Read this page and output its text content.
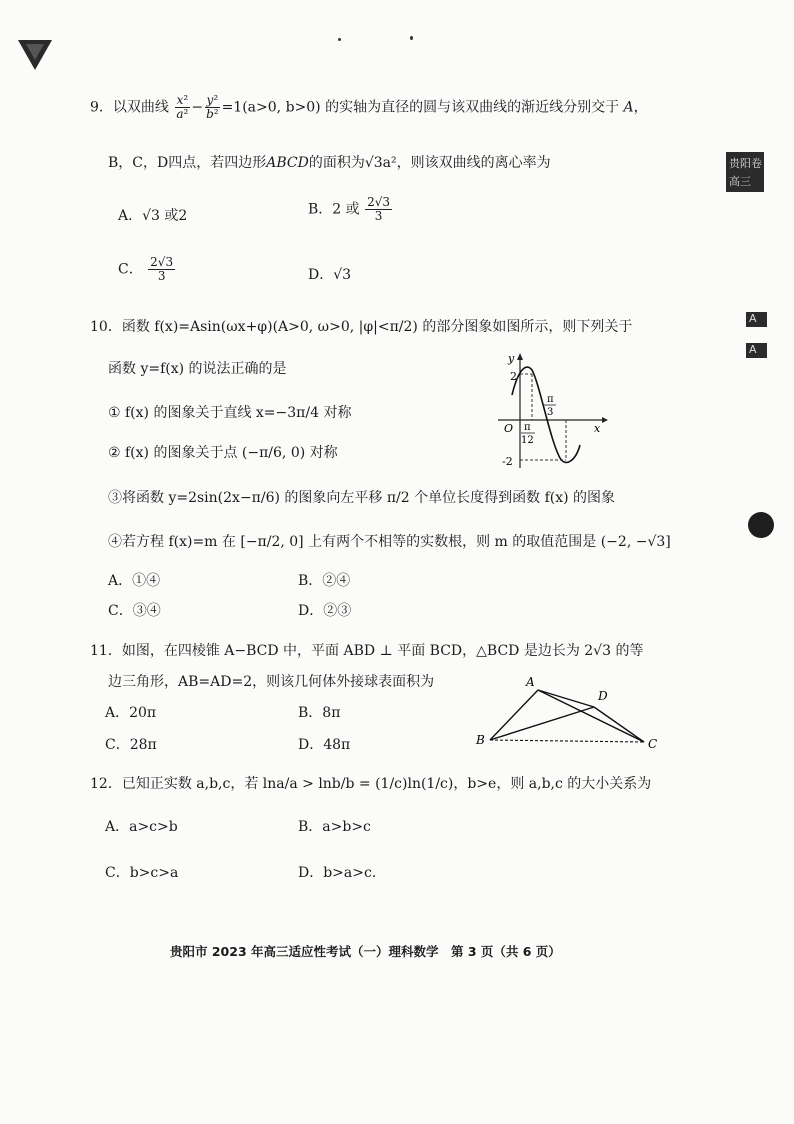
贵阳卷
高三
A
A
9．以双曲线 $\frac{\text{x²}}{\text{a²}} - \frac{\text{y²}}{\text{b²}} =1(a>0$, b>0) 的实轴为直径的圆与该双曲线的渐近线分别交于 A，
B，C，D四点，若四边形ABCD的面积为√3a²，则该双曲线的离心率为
A．√3 或2	B．2 或 $\frac{2√3}{3}$
C． $\frac{2√3}{3}$	D．√3
10．函数 f(x)=Asin(ωx+φ)(A>0, ω>0, |φ|<π/2) 的部分图象如图所示，则下列关于
函数 y=f(x) 的说法正确的是
① f(x) 的图象关于直线 x=−3π/4 对称
② f(x) 的图象关于点 (−π/6, 0) 对称
③将函数 y=2sin(2x−π/6) 的图象向左平移 π/2 个单位长度得到函数 f(x) 的图象
④若方程 f(x)=m 在 [−π/2, 0] 上有两个不相等的实数根，则 m 的取值范围是 (−2, −√3]
A．①④	B．②④
C．③④	D．②③
y
x
O
2
-2
π
12
π
3
11．如图，在四棱锥 A−BCD 中，平面 ABD ⊥ 平面 BCD，△BCD 是边长为 2√3 的等
边三角形，AB=AD=2，则该几何体外接球表面积为
A．20π	B．8π
C．28π	D．48π
A
B	C
D
12．已知正实数 a,b,c，若 lna/a > lnb/b = (1/c)ln(1/c)，b>e，则 a,b,c 的大小关系为
A．a>c>b	B．a>b>c
C．b>c>a	D．b>a>c．
贵阳市 2023 年高三适应性考试（一）理科数学　第 3 页（共 6 页）
